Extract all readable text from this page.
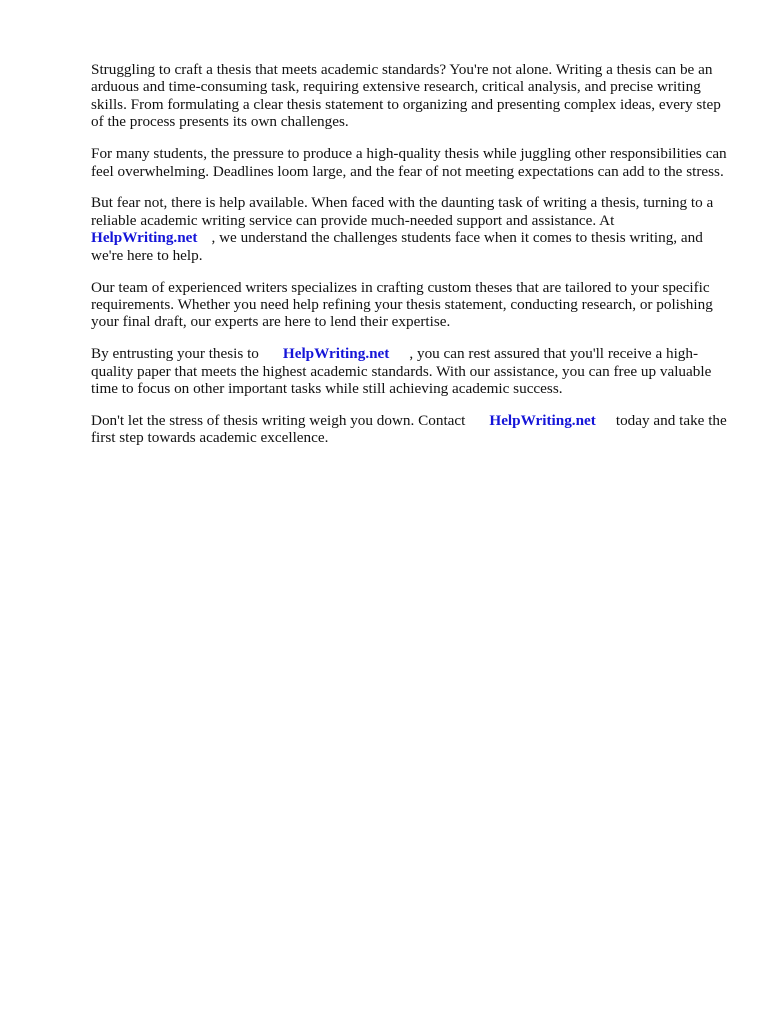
Struggling to craft a thesis that meets academic standards? You're not alone. Writing a thesis can be an arduous and time-consuming task, requiring extensive research, critical analysis, and precise writing skills. From formulating a clear thesis statement to organizing and presenting complex ideas, every step of the process presents its own challenges.

For many students, the pressure to produce a high-quality thesis while juggling other responsibilities can feel overwhelming. Deadlines loom large, and the fear of not meeting expectations can add to the stress.

But fear not, there is help available. When faced with the daunting task of writing a thesis, turning to a reliable academic writing service can provide much-needed support and assistance. At
HelpWriting.net , we understand the challenges students face when it comes to thesis writing, and we're here to help.

Our team of experienced writers specializes in crafting custom theses that are tailored to your specific requirements. Whether you need help refining your thesis statement, conducting research, or polishing your final draft, our experts are here to lend their expertise.

By entrusting your thesis to HelpWriting.net , you can rest assured that you'll receive a high-quality paper that meets the highest academic standards. With our assistance, you can free up valuable time to focus on other important tasks while still achieving academic success.

Don't let the stress of thesis writing weigh you down. Contact HelpWriting.net today and take the first step towards academic excellence.
